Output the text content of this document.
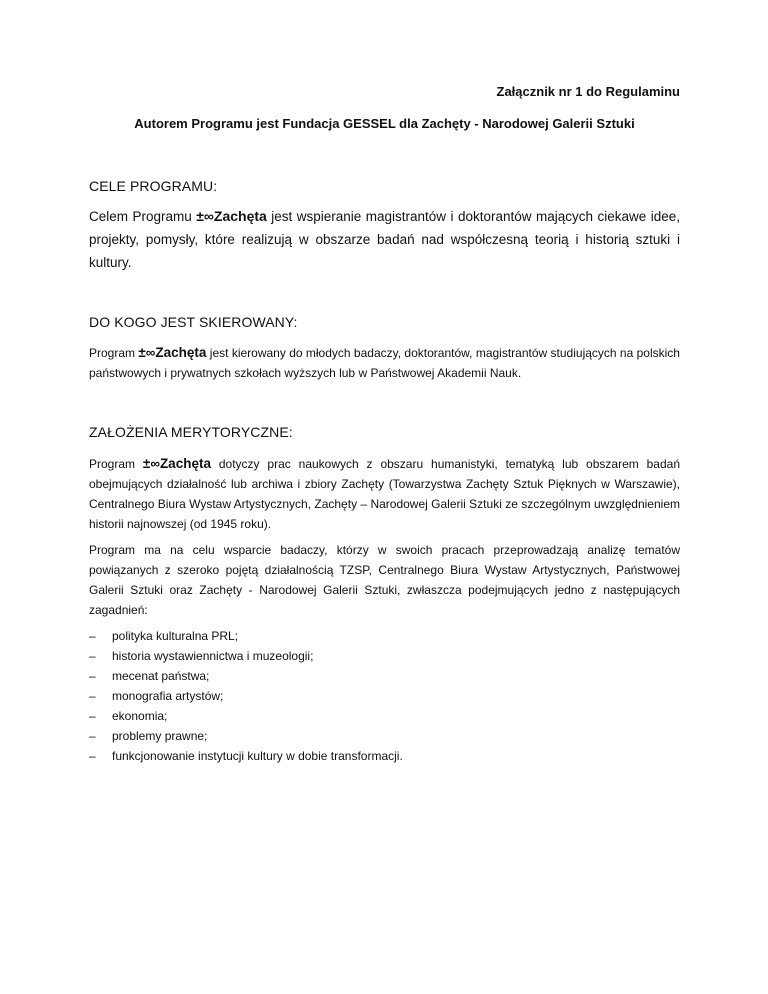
Załącznik nr 1 do Regulaminu

Autorem Programu jest Fundacja GESSEL dla Zachęty - Narodowej Galerii Sztuki

CELE PROGRAMU:

Celem Programu ±∞Zachęta jest wspieranie magistrantów i doktorantów mających ciekawe idee, projekty, pomysły, które realizują w obszarze badań nad współczesną teorią i historią sztuki i kultury.

DO KOGO JEST SKIEROWANY:

Program ±∞Zachęta jest kierowany do młodych badaczy, doktorantów, magistrantów studiujących na polskich państwowych i prywatnych szkołach wyższych lub w Państwowej Akademii Nauk.

ZAŁOŻENIA MERYTORYCZNE:

Program ±∞Zachęta dotyczy prac naukowych z obszaru humanistyki, tematyką lub obszarem badań obejmujących działalność lub archiwa i zbiory Zachęty (Towarzystwa Zachęty Sztuk Pięknych w Warszawie), Centralnego Biura Wystaw Artystycznych, Zachęty – Narodowej Galerii Sztuki ze szczególnym uwzględnieniem historii najnowszej (od 1945 roku).

Program ma na celu wsparcie badaczy, którzy w swoich pracach przeprowadzają analizę tematów powiązanych z szeroko pojętą działalnością TZSP, Centralnego Biura Wystaw Artystycznych, Państwowej Galerii Sztuki oraz Zachęty - Narodowej Galerii Sztuki, zwłaszcza podejmujących jedno z następujących zagadnień:

–	polityka kulturalna PRL;
–	historia wystawiennictwa i muzeologii;
–	mecenat państwa;
–	monografia artystów;
–	ekonomia;
–	problemy prawne;
–	funkcjonowanie instytucji kultury w dobie transformacji.
